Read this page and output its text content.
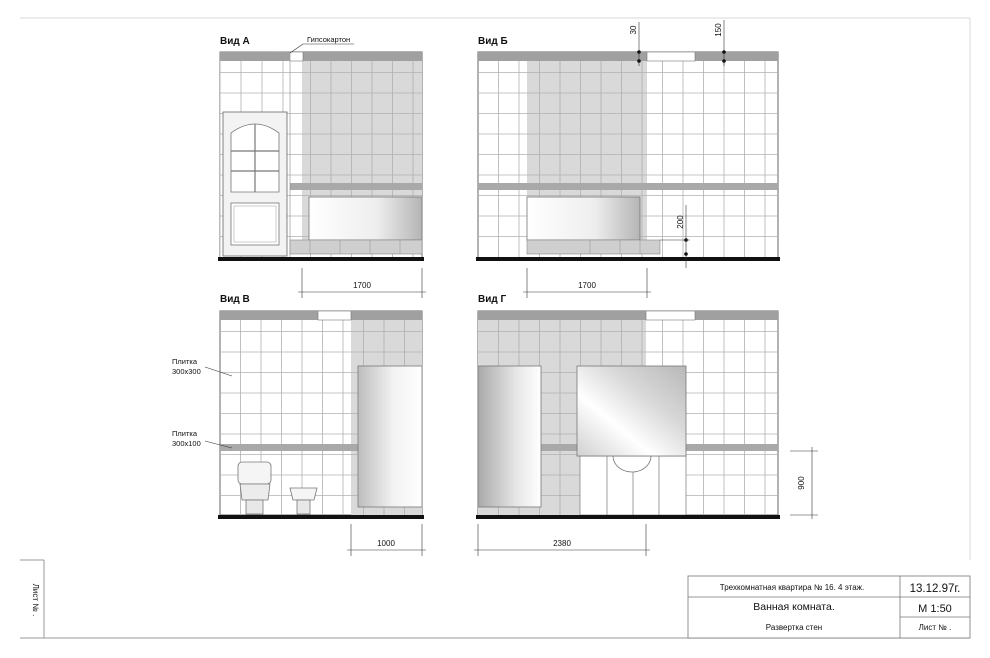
Лист № .
Вид А	Гипсокартон
1700
Вид Б
30	150
200
1700
Вид В
Плитка
300x300
Плитка
300x100
1000
Вид Г
900
2380
Трехкомнатная квартира № 16. 4 этаж.	13.12.97г.
Ванная комната.	М 1:50
Развертка стен	Лист № .
